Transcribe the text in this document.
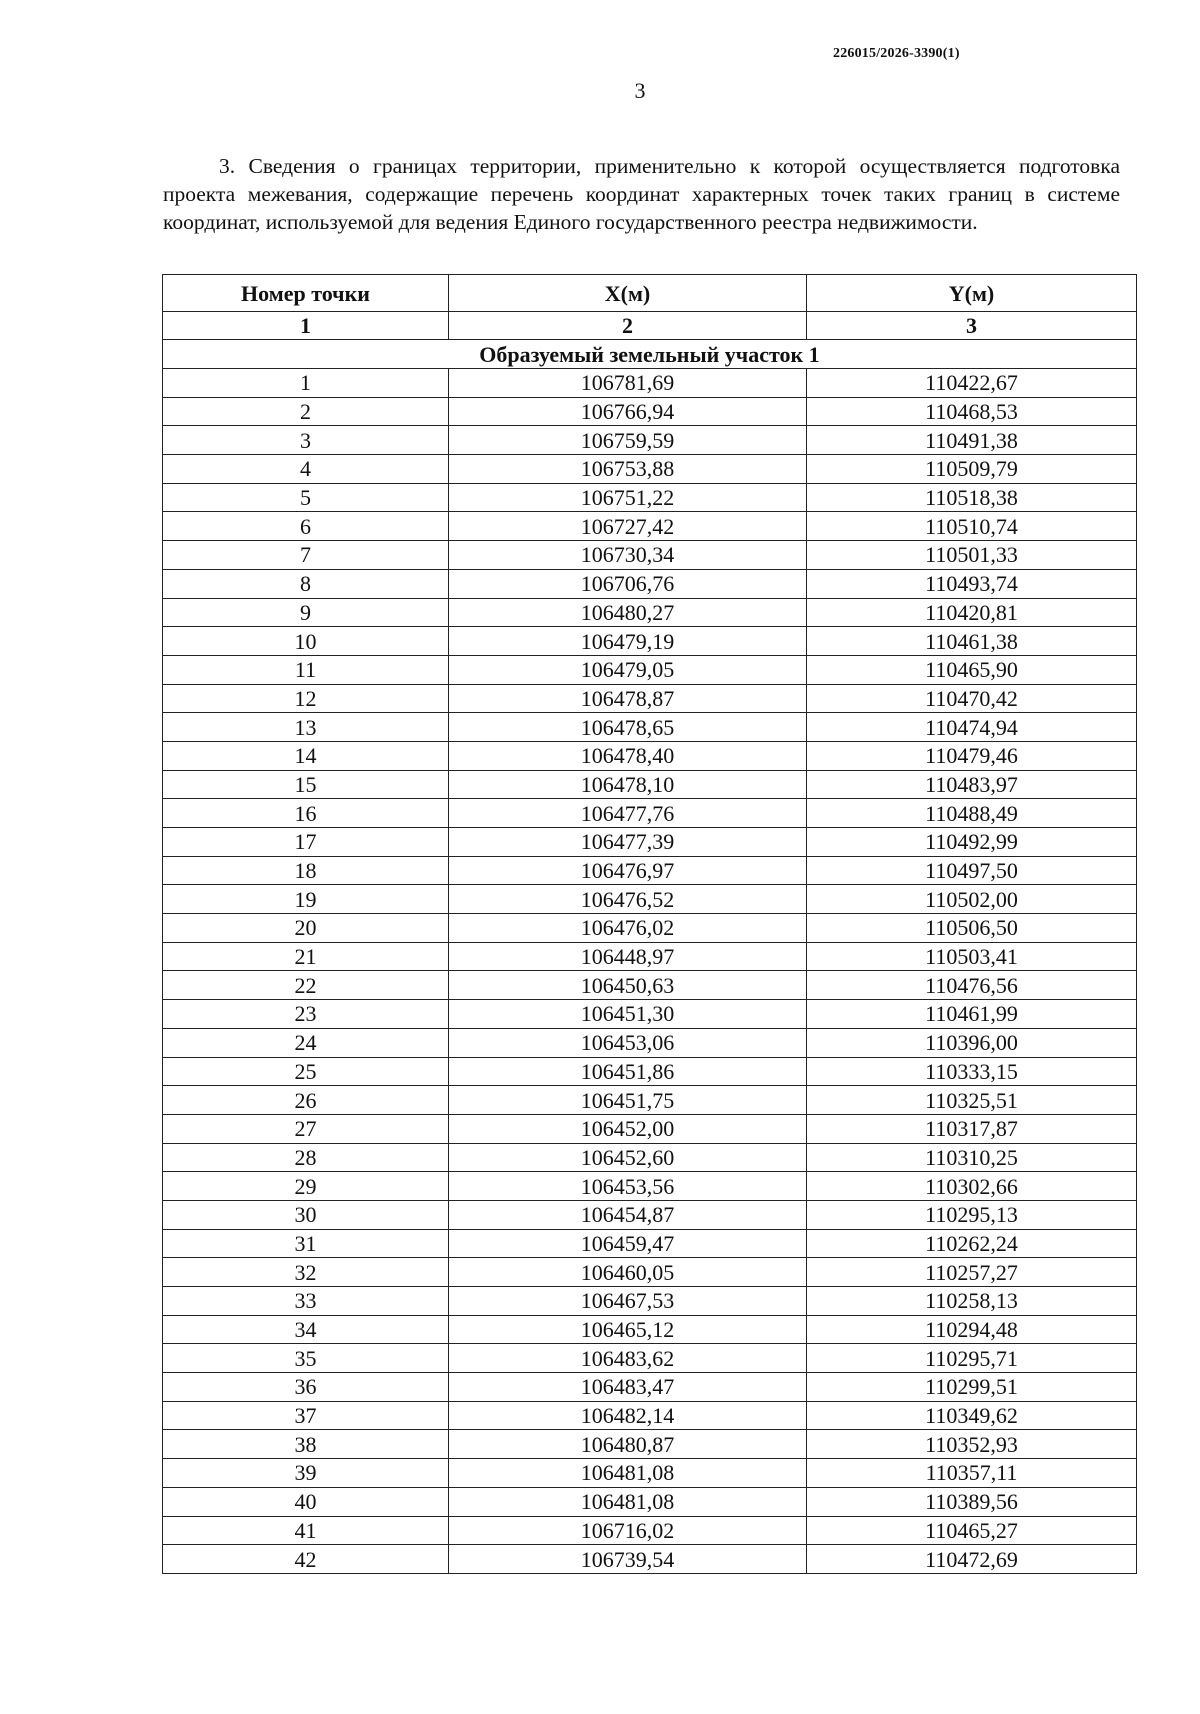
226015/2026-3390(1)
3

3. Сведения о границах территории, применительно к которой осуществляется подготовка проекта межевания, содержащие перечень координат характерных точек таких границ в системе координат, используемой для ведения Единого государственного реестра недвижимости.

Номер точки	X(м)	Y(м)
1	2	3
Образуемый земельный участок 1		
1	106781,69	110422,67
2	106766,94	110468,53
3	106759,59	110491,38
4	106753,88	110509,79
5	106751,22	110518,38
6	106727,42	110510,74
7	106730,34	110501,33
8	106706,76	110493,74
9	106480,27	110420,81
10	106479,19	110461,38
11	106479,05	110465,90
12	106478,87	110470,42
13	106478,65	110474,94
14	106478,40	110479,46
15	106478,10	110483,97
16	106477,76	110488,49
17	106477,39	110492,99
18	106476,97	110497,50
19	106476,52	110502,00
20	106476,02	110506,50
21	106448,97	110503,41
22	106450,63	110476,56
23	106451,30	110461,99
24	106453,06	110396,00
25	106451,86	110333,15
26	106451,75	110325,51
27	106452,00	110317,87
28	106452,60	110310,25
29	106453,56	110302,66
30	106454,87	110295,13
31	106459,47	110262,24
32	106460,05	110257,27
33	106467,53	110258,13
34	106465,12	110294,48
35	106483,62	110295,71
36	106483,47	110299,51
37	106482,14	110349,62
38	106480,87	110352,93
39	106481,08	110357,11
40	106481,08	110389,56
41	106716,02	110465,27
42	106739,54	110472,69
